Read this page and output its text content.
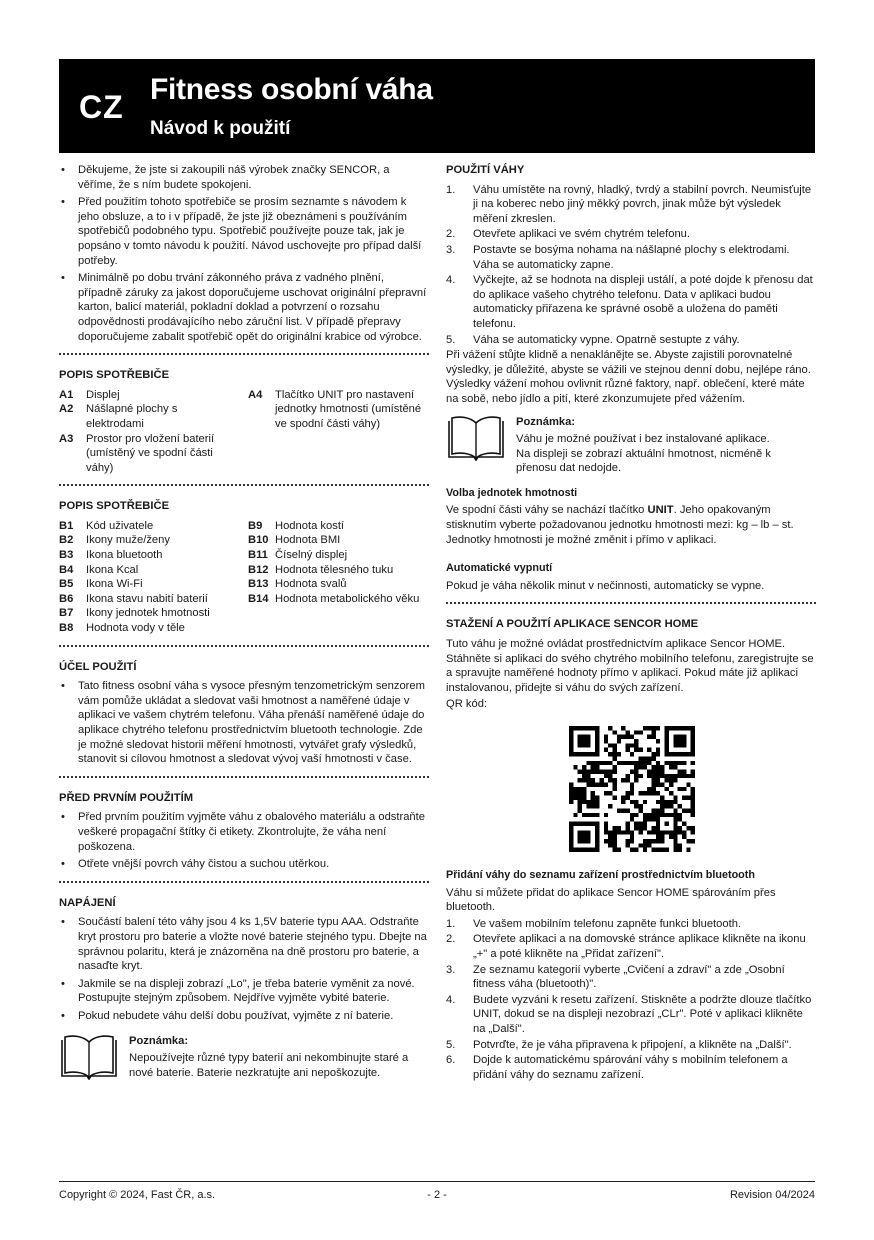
CZ Fitness osobní váha
Návod k použití
• Děkujeme, že jste si zakoupili náš výrobek značky SENCOR, a věříme, že s ním budete spokojeni.
• Před použitím tohoto spotřebiče se prosím seznamte s návodem k jeho obsluze, a to i v případě, že jste již obeznámeni s používáním spotřebičů podobného typu. Spotřebič používejte pouze tak, jak je popsáno v tomto návodu k použití. Návod uschovejte pro případ další potřeby.
• Minimálně po dobu trvání zákonného práva z vadného plnění, případně záruky za jakost doporučujeme uschovat originální přepravní karton, balicí materiál, pokladní doklad a potvrzení o rozsahu odpovědnosti prodávajícího nebo záruční list. V případě přepravy doporučujeme zabalit spotřebič opět do originální krabice od výrobce.
POPIS SPOTŘEBIČE
A1	Displej
A2	Nášlapné plochy s elektrodami
A3	Prostor pro vložení baterií (umístěný ve spodní části váhy)
A4	Tlačítko UNIT pro nastavení jednotky hmotnosti (umístěné ve spodní části váhy)
POPIS SPOTŘEBIČE
B1	Kód uživatele
B2	Ikony muže/ženy
B3	Ikona bluetooth
B4	Ikona Kcal
B5	Ikona Wi-Fi
B6	Ikona stavu nabití baterií
B7	Ikony jednotek hmotnosti
B8	Hodnota vody v těle
B9	Hodnota kostí
B10 Hodnota BMI
B11 Číselný displej
B12 Hodnota tělesného tuku
B13 Hodnota svalů
B14 Hodnota metabolického věku
ÚČEL POUŽITÍ
• Tato fitness osobní váha s vysoce přesným tenzometrickým senzorem vám pomůže ukládat a sledovat vaši hmotnost a naměřené údaje v aplikaci ve vašem chytrém telefonu. Váha přenáší naměřené údaje do aplikace chytrého telefonu prostřednictvím bluetooth technologie. Zde je možné sledovat historii měření hmotnosti, vytvářet grafy výsledků, stanovit si cílovou hmotnost a sledovat vývoj vaší hmotnosti v čase.
PŘED PRVNÍM POUŽITÍM
• Před prvním použitím vyjměte váhu z obalového materiálu a odstraňte veškeré propagační štítky či etikety. Zkontrolujte, že váha není poškozena.
• Otřete vnější povrch váhy čistou a suchou utěrkou.
NAPÁJENÍ
• Součástí balení této váhy jsou 4 ks 1,5V baterie typu AAA. Odstraňte kryt prostoru pro baterie a vložte nové baterie stejného typu. Dbejte na správnou polaritu, která je znázorněna na dně prostoru pro baterie, a nasaďte kryt.
• Jakmile se na displeji zobrazí „Lo", je třeba baterie vyměnit za nové. Postupujte stejným způsobem. Nejdříve vyjměte vybité baterie.
• Pokud nebudete váhu delší dobu používat, vyjměte z ní baterie.
Poznámka:
Nepoužívejte různé typy baterií ani nekombinujte staré a nové baterie. Baterie nezkratujte ani nepoškozujte.
POUŽITÍ VÁHY
1.	Váhu umístěte na rovný, hladký, tvrdý a stabilní povrch. Neumisťujte ji na koberec nebo jiný měkký povrch, jinak může být výsledek měření zkreslen.
2.	Otevřete aplikaci ve svém chytrém telefonu.
3.	Postavte se bosýma nohama na nášlapné plochy s elektrodami. Váha se automaticky zapne.
4.	Vyčkejte, až se hodnota na displeji ustálí, a poté dojde k přenosu dat do aplikace vašeho chytrého telefonu. Data v aplikaci budou automaticky přiřazena ke správné osobě a uložena do paměti telefonu.
5.	Váha se automaticky vypne. Opatrně sestupte z váhy.
Při vážení stůjte klidně a nenaklánějte se. Abyste zajistili porovnatelné výsledky, je důležité, abyste se vážili ve stejnou denní dobu, nejlépe ráno. Výsledky vážení mohou ovlivnit různé faktory, např. oblečení, které máte na sobě, nebo jídlo a pití, které zkonzumujete před vážením.
Poznámka:
Váhu je možné používat i bez instalované aplikace. Na displeji se zobrazí aktuální hmotnost, nicméně k přenosu dat nedojde.
Volba jednotek hmotnosti
Ve spodní části váhy se nachází tlačítko UNIT. Jeho opakovaným stisknutím vyberte požadovanou jednotku hmotnosti mezi: kg – lb – st. Jednotky hmotnosti je možné změnit i přímo v aplikaci.
Automatické vypnutí
Pokud je váha několik minut v nečinnosti, automaticky se vypne.
STAŽENÍ A POUŽITÍ APLIKACE SENCOR HOME
Tuto váhu je možné ovládat prostřednictvím aplikace Sencor HOME. Stáhněte si aplikaci do svého chytrého mobilního telefonu, zaregistrujte se a spravujte naměřené hodnoty přímo v aplikaci. Pokud máte již aplikaci instalovanou, přidejte si váhu do svých zařízení.
QR kód:
Přidání váhy do seznamu zařízení prostřednictvím bluetooth
Váhu si můžete přidat do aplikace Sencor HOME spárováním přes bluetooth.
1.	Ve vašem mobilním telefonu zapněte funkci bluetooth.
2.	Otevřete aplikaci a na domovské stránce aplikace klikněte na ikonu „+" a poté klikněte na „Přidat zařízení".
3.	Ze seznamu kategorií vyberte „Cvičení a zdraví" a zde „Osobní fitness váha (bluetooth)".
4.	Budete vyzváni k resetu zařízení. Stiskněte a podržte dlouze tlačítko UNIT, dokud se na displeji nezobrazí „CLr". Poté v aplikaci klikněte na „Další".
5.	Potvrďte, že je váha připravena k připojení, a klikněte na „Další".
6.	Dojde k automatickému spárování váhy s mobilním telefonem a přidání váhy do seznamu zařízení.
Copyright © 2024, Fast ČR, a.s.	- 2 -	Revision 04/2024
